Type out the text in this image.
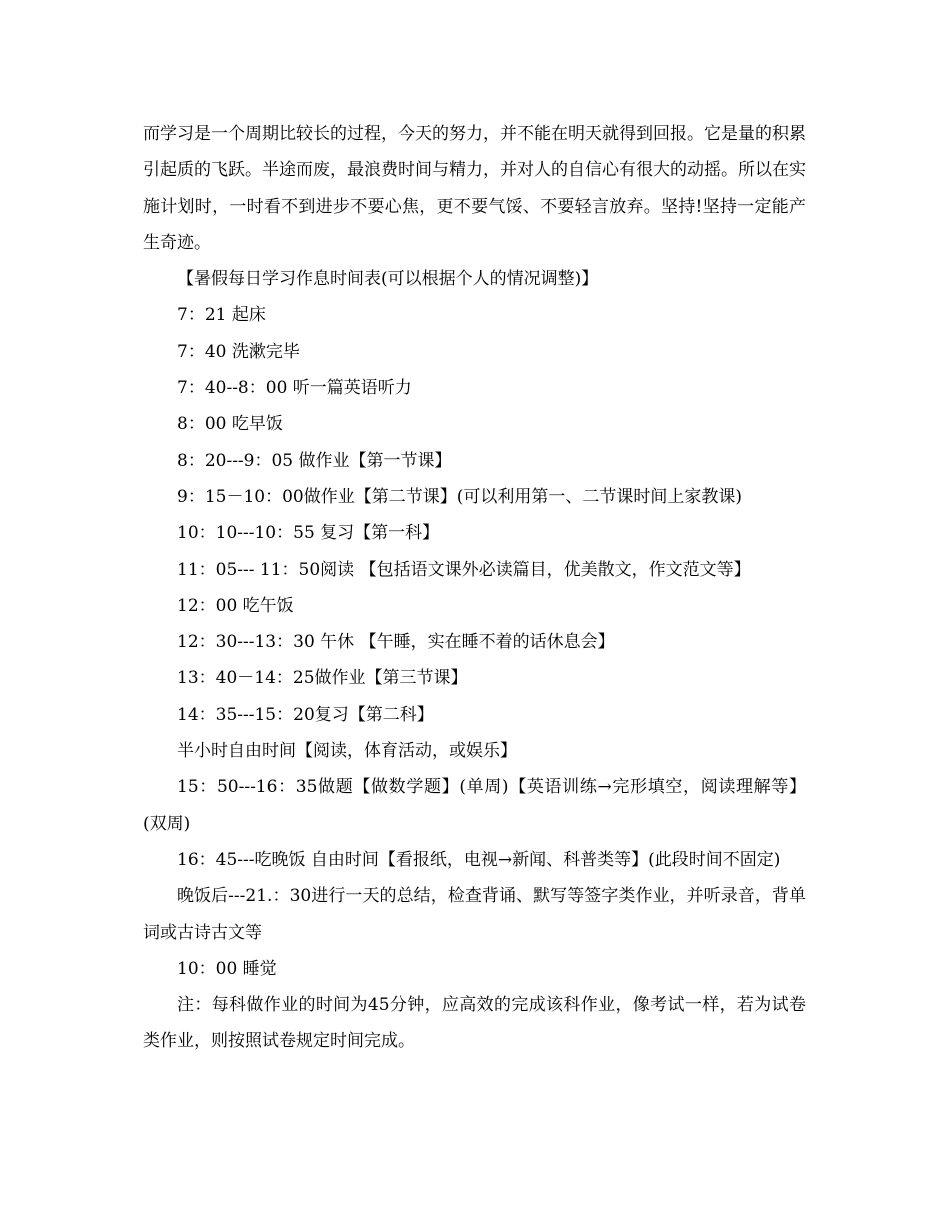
而学习是一个周期比较长的过程，今天的努力，并不能在明天就得到回报。它是量的积累引起质的飞跃。半途而废，最浪费时间与精力，并对人的自信心有很大的动摇。所以在实施计划时，一时看不到进步不要心焦，更不要气馁、不要轻言放弃。坚持!坚持一定能产生奇迹。

【暑假每日学习作息时间表(可以根据个人的情况调整)】

7：21 起床

7：40 洗漱完毕

7：40--8：00 听一篇英语听力

8：00 吃早饭

8：20---9：05 做作业【第一节课】

9：15－10：00做作业【第二节课】(可以利用第一、二节课时间上家教课)

10：10---10：55 复习【第一科】

11：05--- 11：50阅读 【包括语文课外必读篇目，优美散文，作文范文等】

12：00 吃午饭

12：30---13：30 午休 【午睡，实在睡不着的话休息会】

13：40－14：25做作业【第三节课】

14：35---15：20复习【第二科】

半小时自由时间【阅读，体育活动，或娱乐】

15：50---16：35做题【做数学题】(单周)【英语训练→完形填空，阅读理解等】(双周)

16：45---吃晚饭 自由时间【看报纸，电视→新闻、科普类等】(此段时间不固定)

晚饭后---21.：30进行一天的总结，检查背诵、默写等签字类作业，并听录音，背单词或古诗古文等

10：00 睡觉

注：每科做作业的时间为45分钟，应高效的完成该科作业，像考试一样，若为试卷类作业，则按照试卷规定时间完成。
